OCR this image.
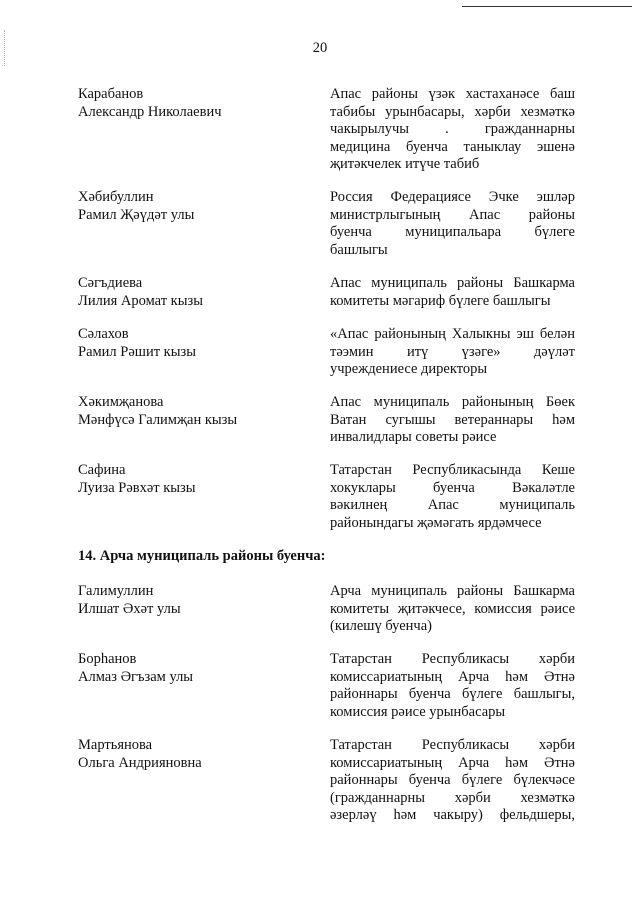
20
Карабанов
Александр Николаевич
Апас районы үзәк хастаханәсе баш
табибы урынбасары, хәрби хезмәткә
чакырылучы . гражданнарны
медицина буенча таныклау эшенә
җитәкчелек итүче табиб
Хәбибуллин
Рамил Җәүдәт улы
Россия Федерациясе Эчке эшләр
министрлыгының Апас районы
буенча муниципальара бүлеге
башлыгы
Сәгъдиева
Лилия Аромат кызы
Апас муниципаль районы Башкарма
комитеты мәгариф бүлеге башлыгы
Сәлахов
Рамил Рәшит кызы
«Апас районының Халыкны эш белән
тәэмин итү үзәге» дәүләт
учреждениесе директоры
Хәкимҗанова
Мәнфүсә Галимҗан кызы
Апас муниципаль районының Бөек
Ватан сугышы ветераннары һәм
инвалидлары советы рәисе
Сафина
Луиза Рәвхәт кызы
Татарстан Республикасында Кеше
хокуклары буенча Вәкаләтле
вәкилнең Апас муниципаль
районындагы җәмәгать ярдәмчесе
14. Арча муниципаль районы буенча:
Галимуллин
Илшат Әхәт улы
Арча муниципаль районы Башкарма
комитеты җитәкчесе, комиссия рәисе
(килешү буенча)
Борһанов
Алмаз Әгъзам улы
Татарстан Республикасы хәрби
комиссариатының Арча һәм Әтнә
районнары буенча бүлеге башлыгы,
комиссия рәисе урынбасары
Мартьянова
Ольга Андрияновна
Татарстан Республикасы хәрби
комиссариатының Арча һәм Әтнә
районнары буенча бүлеге бүлекчәсе
(гражданнарны хәрби хезмәткә
әзерләү һәм чакыру) фельдшеры,
